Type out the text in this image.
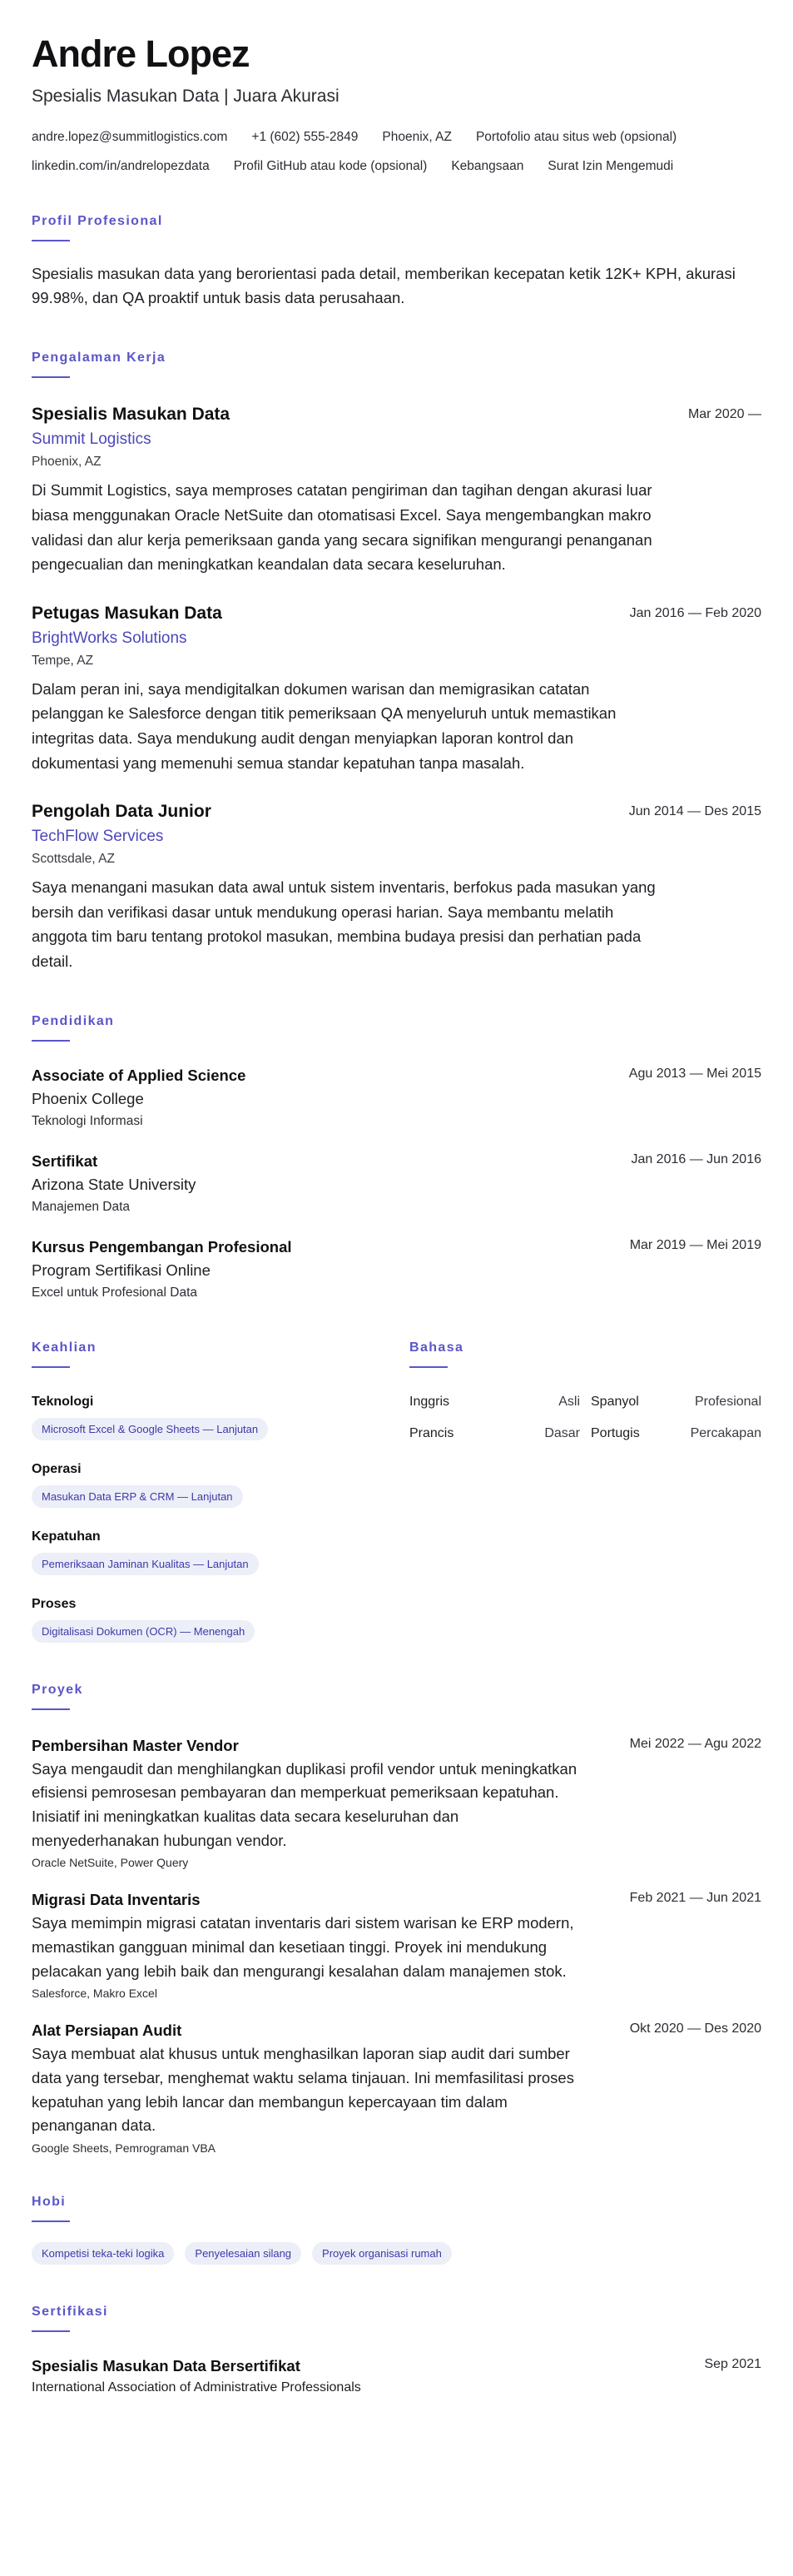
Andre Lopez
Spesialis Masukan Data | Juara Akurasi
andre.lopez@summitlogistics.com +1 (602) 555-2849 Phoenix, AZ Portofolio atau situs web (opsional)
linkedin.com/in/andrelopezdata Profil GitHub atau kode (opsional) Kebangsaan Surat Izin Mengemudi
Profil Profesional

Spesialis masukan data yang berorientasi pada detail, memberikan kecepatan ketik 12K+ KPH, akurasi 99.98%, dan QA proaktif untuk basis data perusahaan.

Pengalaman Kerja
Spesialis Masukan Data	Mar 2020 —
Summit Logistics
Phoenix, AZ

Di Summit Logistics, saya memproses catatan pengiriman dan tagihan dengan akurasi luar biasa menggunakan Oracle NetSuite dan otomatisasi Excel. Saya mengembangkan makro validasi dan alur kerja pemeriksaan ganda yang secara signifikan mengurangi penanganan pengecualian dan meningkatkan keandalan data secara keseluruhan.

Petugas Masukan Data	Jan 2016 — Feb 2020
BrightWorks Solutions
Tempe, AZ

Dalam peran ini, saya mendigitalkan dokumen warisan dan memigrasikan catatan pelanggan ke Salesforce dengan titik pemeriksaan QA menyeluruh untuk memastikan integritas data. Saya mendukung audit dengan menyiapkan laporan kontrol dan dokumentasi yang memenuhi semua standar kepatuhan tanpa masalah.

Pengolah Data Junior	Jun 2014 — Des 2015
TechFlow Services
Scottsdale, AZ

Saya menangani masukan data awal untuk sistem inventaris, berfokus pada masukan yang bersih dan verifikasi dasar untuk mendukung operasi harian. Saya membantu melatih anggota tim baru tentang protokol masukan, membina budaya presisi dan perhatian pada detail.

Pendidikan
Associate of Applied Science	Agu 2013 — Mei 2015
Phoenix College
Teknologi Informasi
Sertifikat	Jan 2016 — Jun 2016
Arizona State University
Manajemen Data
Kursus Pengembangan Profesional	Mar 2019 — Mei 2019
Program Sertifikasi Online
Excel untuk Profesional Data
Keahlian
Teknologi
Microsoft Excel & Google Sheets — Lanjutan
Operasi
Masukan Data ERP & CRM — Lanjutan
Kepatuhan
Pemeriksaan Jaminan Kualitas — Lanjutan
Proses
Digitalisasi Dokumen (OCR) — Menengah
Bahasa
Inggris	Asli Spanyol	Profesional
Prancis	Dasar Portugis	Percakapan
Proyek
Pembersihan Master Vendor	Mei 2022 — Agu 2022

Saya mengaudit dan menghilangkan duplikasi profil vendor untuk meningkatkan efisiensi pemrosesan pembayaran dan memperkuat pemeriksaan kepatuhan. Inisiatif ini meningkatkan kualitas data secara keseluruhan dan menyederhanakan hubungan vendor.

Oracle NetSuite, Power Query
Migrasi Data Inventaris	Feb 2021 — Jun 2021

Saya memimpin migrasi catatan inventaris dari sistem warisan ke ERP modern, memastikan gangguan minimal dan kesetiaan tinggi. Proyek ini mendukung pelacakan yang lebih baik dan mengurangi kesalahan dalam manajemen stok.

Salesforce, Makro Excel
Alat Persiapan Audit	Okt 2020 — Des 2020

Saya membuat alat khusus untuk menghasilkan laporan siap audit dari sumber data yang tersebar, menghemat waktu selama tinjauan. Ini memfasilitasi proses kepatuhan yang lebih lancar dan membangun kepercayaan tim dalam penanganan data.

Google Sheets, Pemrograman VBA
Hobi
Kompetisi teka-teki logika	Penyelesaian silang	Proyek organisasi rumah
Sertifikasi
Spesialis Masukan Data Bersertifikat
International Association of Administrative Professionals
Sep 2021
